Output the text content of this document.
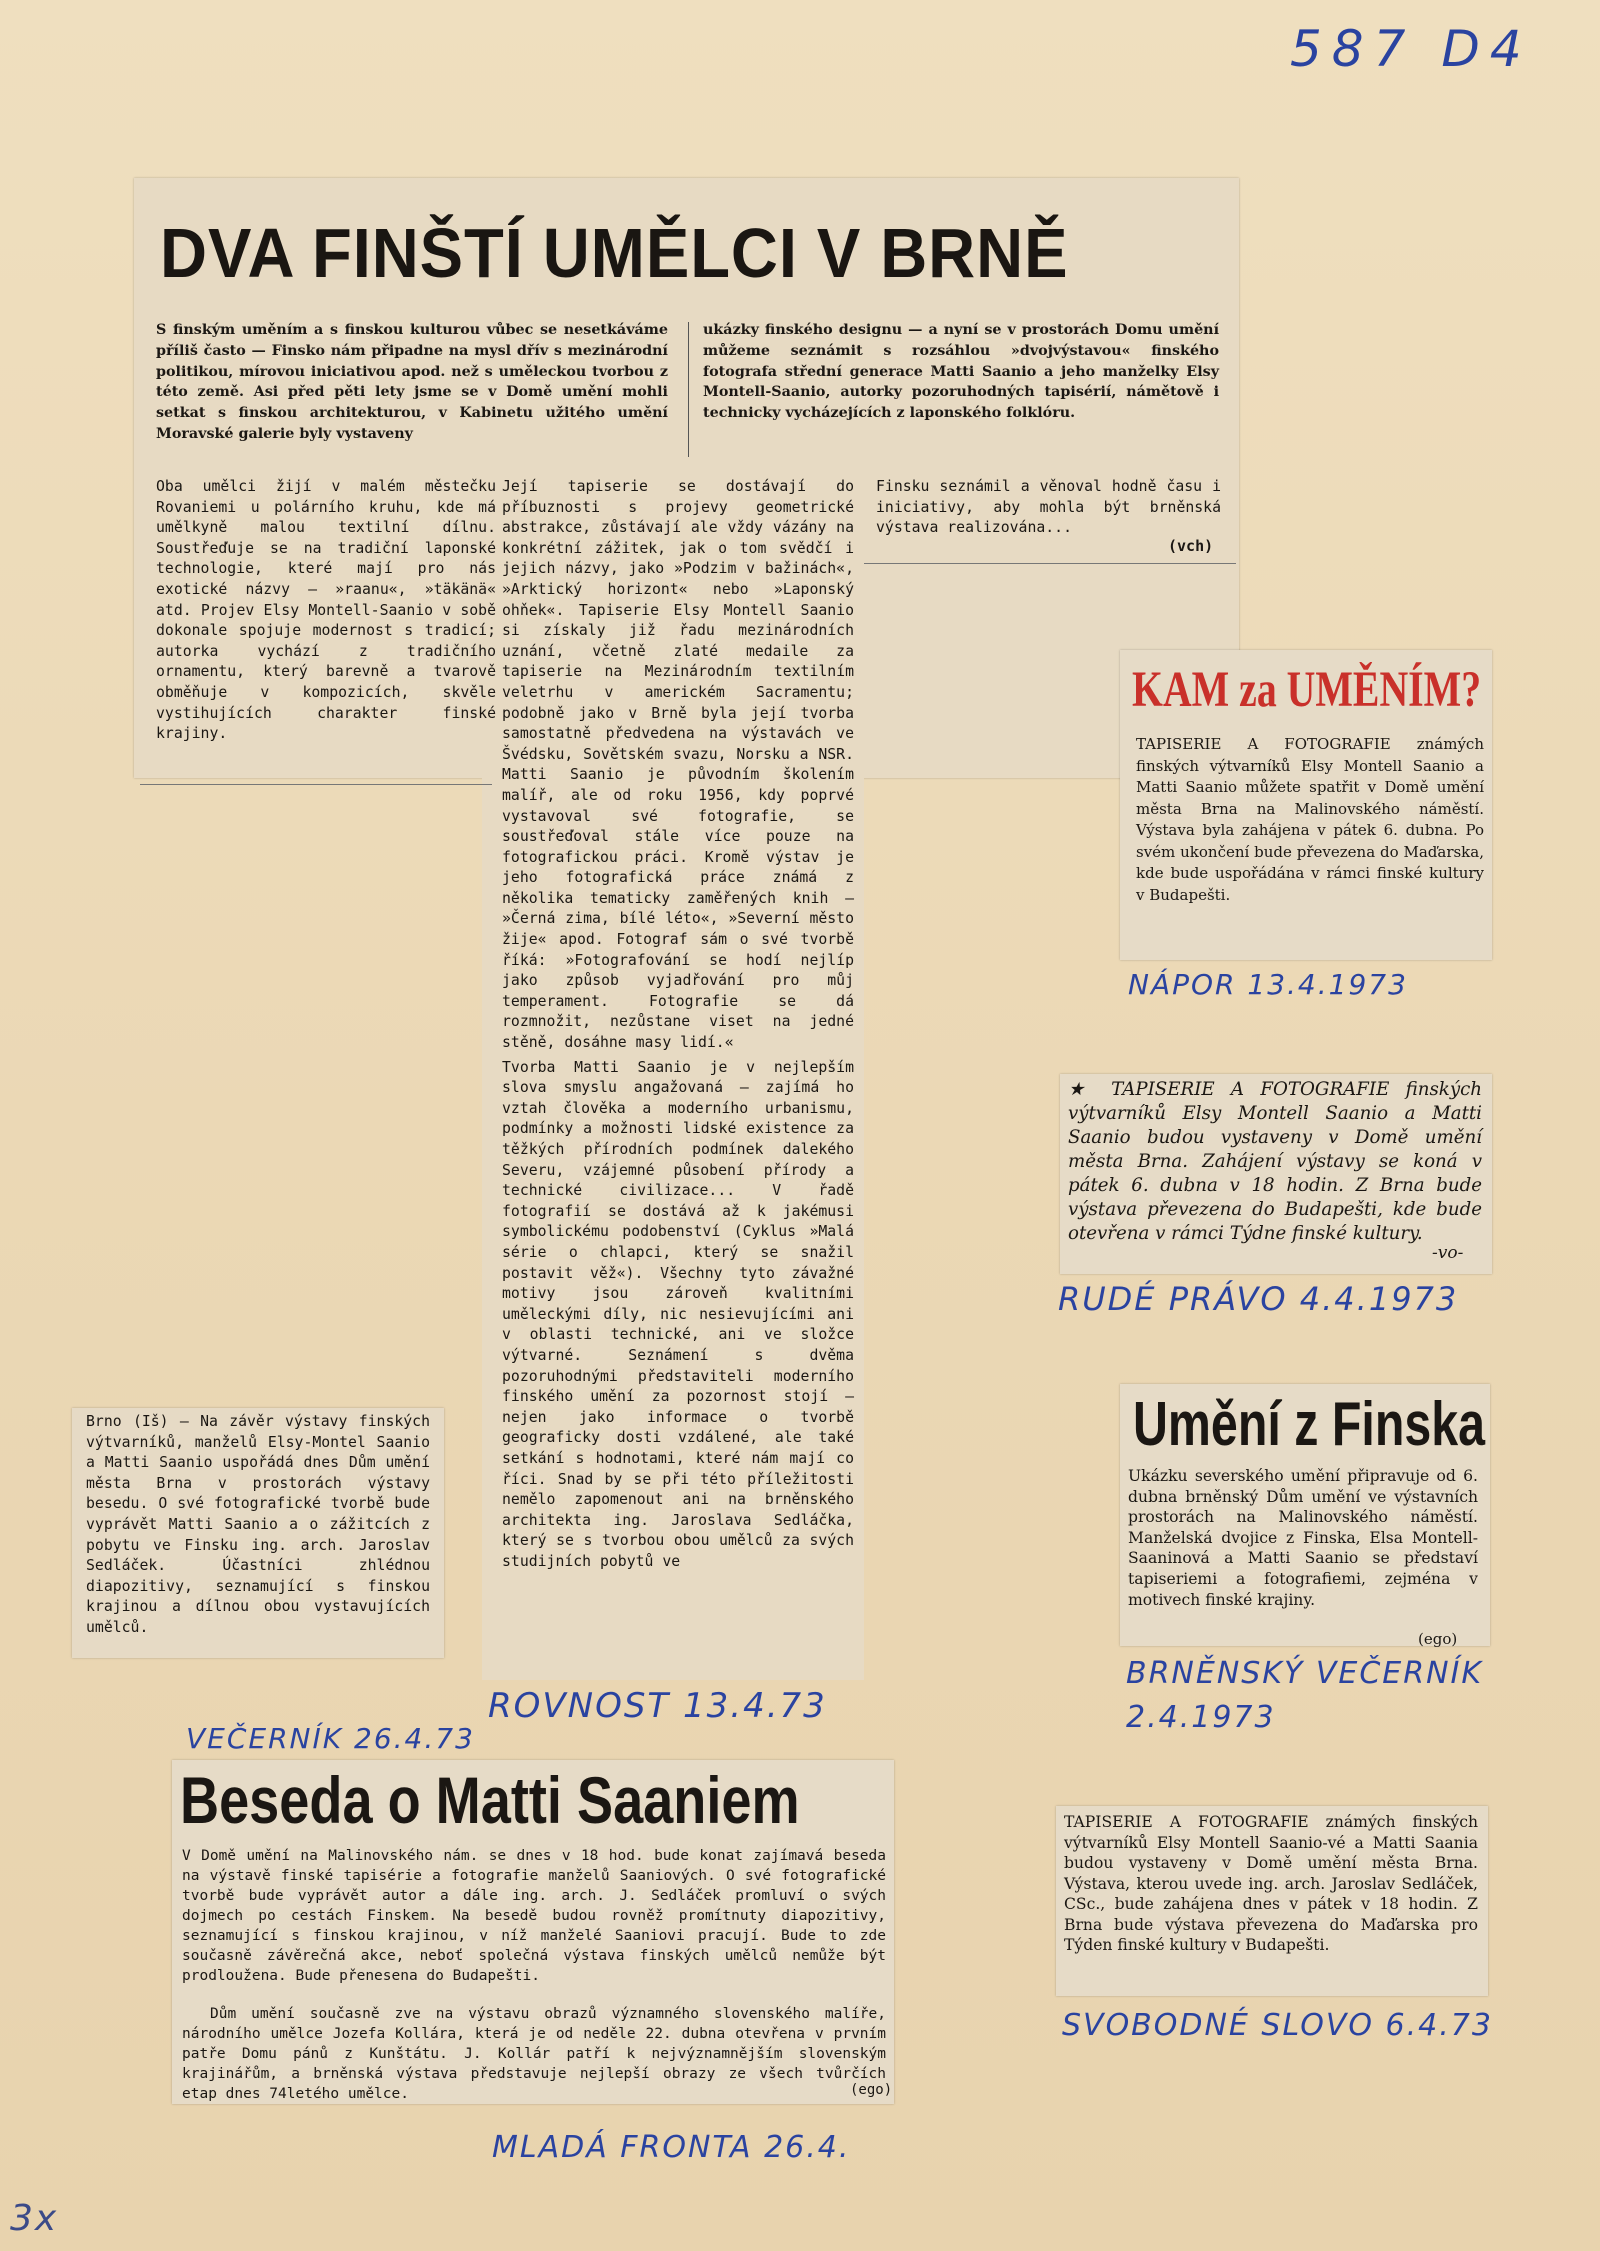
587 D4
3x
DVA FINŠTÍ UMĚLCI V BRNĚ

S finským uměním a s finskou kulturou vůbec se nesetkáváme příliš často — Finsko nám připadne na mysl dřív s mezinárodní politikou, mírovou iniciativou apod. než s uměleckou tvorbou z této země. Asi před pěti lety jsme se v Domě umění mohli setkat s finskou architekturou, v Kabinetu užitého umění Moravské galerie byly vystaveny

ukázky finského designu — a nyní se v prostorách Domu umění můžeme seznámit s rozsáhlou »dvojvýstavou« finského fotografa střední generace Matti Saanio a jeho manželky Elsy Montell-Saanio, autorky pozoruhodných tapisérií, námětově i technicky vycházejících z laponského folklóru.

Oba umělci žijí v malém městečku Rovaniemi u polárního kruhu, kde má umělkyně malou textilní dílnu. Soustřeďuje se na tradiční laponské technologie, které mají pro nás exotické názvy — »raanu«, »täkänä« atd. Projev Elsy Montell-Saanio v sobě dokonale spojuje modernost s tradicí; autorka vychází z tradičního ornamentu, který barevně a tvarově obměňuje v kompozicích, skvěle vystihujících charakter finské krajiny.

Její tapiserie se dostávají do příbuznosti s projevy geometrické abstrakce, zůstávají ale vždy vázány na konkrétní zážitek, jak o tom svědčí i jejich názvy, jako »Podzim v bažinách«, »Arktický horizont« nebo »Laponský ohňek«. Tapiserie Elsy Montell Saanio si získaly již řadu mezinárodních uznání, včetně zlaté medaile za tapiserie na Mezinárodním textilním veletrhu v americkém Sacramentu; podobně jako v Brně byla její tvorba samostatně předvedena na výstavách ve Švédsku, Sovětském svazu, Norsku a NSR. Matti Saanio je původním školením malíř, ale od roku 1956, kdy poprvé vystavoval své fotografie, se soustřeďoval stále více pouze na fotografickou práci. Kromě výstav je jeho fotografická práce známá z několika tematicky zaměřených knih — »Černá zima, bílé léto«, »Severní město žije« apod. Fotograf sám o své tvorbě říká: »Fotografování se hodí nejlíp jako způsob vyjadřování pro můj temperament. Fotografie se dá rozmnožit, nezůstane viset na jedné stěně, dosáhne masy lidí.«

Tvorba Matti Saanio je v nejlepším slova smyslu angažovaná — zajímá ho vztah člověka a moderního urbanismu, podmínky a možnosti lidské existence za těžkých přírodních podmínek dalekého Severu, vzájemné působení přírody a technické civilizace... V řadě fotografií se dostává až k jakémusi symbolickému podobenství (Cyklus »Malá série o chlapci, který se snažil postavit věž«). Všechny tyto závažné motivy jsou zároveň kvalitními uměleckými díly, nic nesievujícími ani v oblasti technické, ani ve složce výtvarné. Seznámení s dvěma pozoruhodnými představiteli moderního finského umění za pozornost stojí — nejen jako informace o tvorbě geograficky dosti vzdálené, ale také setkání s hodnotami, které nám mají co říci. Snad by se při této příležitosti nemělo zapomenout ani na brněnského architekta ing. Jaroslava Sedláčka, který se s tvorbou obou umělců za svých studijních pobytů ve

Finsku seznámil a věnoval hodně času i iniciativy, aby mohla být brněnská výstava realizována...

(vch)
ROVNOST 13.4.73

Brno (Iš) — Na závěr výstavy finských výtvarníků, manželů Elsy-Montel Saanio a Matti Saanio uspořádá dnes Dům umění města Brna v prostorách výstavy besedu. O své fotografické tvorbě bude vyprávět Matti Saanio a o zážitcích z pobytu ve Finsku ing. arch. Jaroslav Sedláček. Účastníci zhlédnou diapozitivy, seznamující s finskou krajinou a dílnou obou vystavujících umělců.

KAM za UMĚNÍM?

TAPISERIE A FOTOGRAFIE známých finských výtvarníků Elsy Montell Saanio a Matti Saanio můžete spatřit v Domě umění města Brna na Malinovského náměstí. Výstava byla zahájena v pátek 6. dubna. Po svém ukončení bude převezena do Maďarska, kde bude uspořádána v rámci finské kultury v Budapešti.

NÁPOR 13.4.1973

★ TAPISERIE A FOTOGRAFIE finských výtvarníků Elsy Montell Saanio a Matti Saanio budou vystaveny v Domě umění města Brna. Zahájení výstavy se koná v pátek 6. dubna v 18 hodin. Z Brna bude výstava převezena do Budapešti, kde bude otevřena v rámci Týdne finské kultury.

-vo-
RUDÉ PRÁVO 4.4.1973
Umění z Finska

Ukázku severského umění připravuje od 6. dubna brněnský Dům umění ve výstavních prostorách na Malinovského náměstí. Manželská dvojice z Finska, Elsa Montell-Saaninová a Matti Saanio se představí tapiseriemi a fotografiemi, zejména v motivech finské krajiny.

(ego)
BRNĚNSKÝ VEČERNÍK 2.4.1973

TAPISERIE A FOTOGRAFIE známých finských výtvarníků Elsy Montell Saanio-vé a Matti Saania budou vystaveny v Domě umění města Brna. Výstava, kterou uvede ing. arch. Jaroslav Sedláček, CSc., bude zahájena dnes v pátek v 18 hodin. Z Brna bude výstava převezena do Maďarska pro Týden finské kultury v Budapešti.

SVOBODNÉ SLOVO 6.4.73
VEČERNÍK 26.4.73
Beseda o Matti Saaniem

V Domě umění na Malinovského nám. se dnes v 18 hod. bude konat zajímavá beseda na výstavě finské tapisérie a fotografie manželů Saaniových. O své fotografické tvorbě bude vyprávět autor a dále ing. arch. J. Sedláček promluví o svých dojmech po cestách Finskem. Na besedě budou rovněž promítnuty diapozitivy, seznamující s finskou krajinou, v níž manželé Saaniovi pracují. Bude to zde současně závěrečná akce, neboť společná výstava finských umělců nemůže být prodloužena. Bude přenesena do Budapešti.

Dům umění současně zve na výstavu obrazů významného slovenského malíře, národního umělce Jozefa Kollára, která je od neděle 22. dubna otevřena v prvním patře Domu pánů z Kunštátu. J. Kollár patří k nejvýznamnějším slovenským krajinářům, a brněnská výstava představuje nejlepší obrazy ze všech tvůrčích etap dnes 74letého umělce.	(ego)
MLADÁ FRONTA 26.4.
